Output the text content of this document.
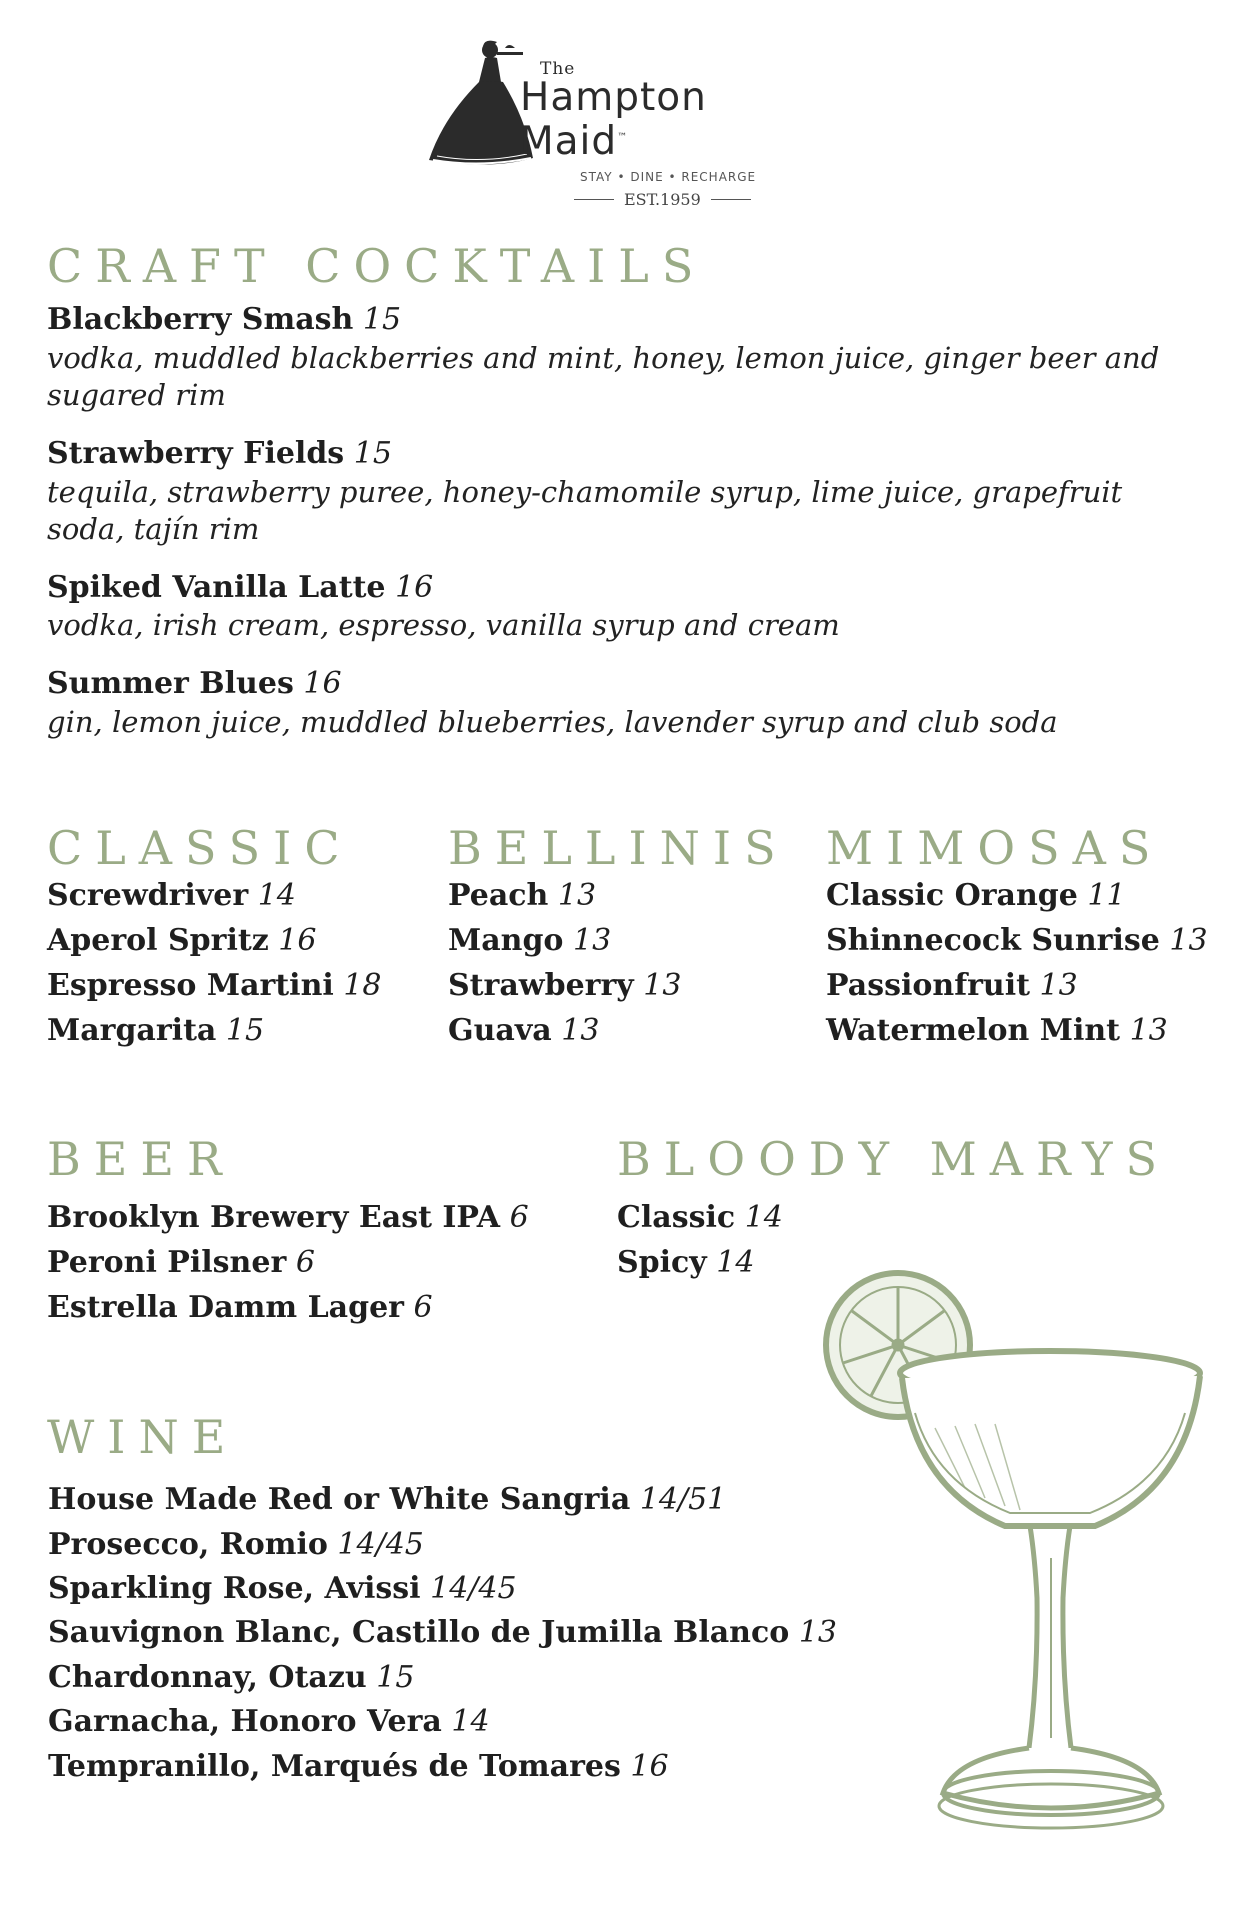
The
Hampton Maid™
STAY • DINE • RECHARGE
EST.1959
CRAFT COCKTAILS
Blackberry Smash 15
vodka, muddled blackberries and mint, honey, lemon juice, ginger beer and sugared rim
Strawberry Fields 15
tequila, strawberry puree, honey-chamomile syrup, lime juice, grapefruit soda, tajín rim
Spiked Vanilla Latte 16
vodka, irish cream, espresso, vanilla syrup and cream
Summer Blues 16
gin, lemon juice, muddled blueberries, lavender syrup and club soda
CLASSIC
Screwdriver 14
Aperol Spritz 16
Espresso Martini 18
Margarita 15
BELLINIS
Peach 13
Mango 13
Strawberry 13
Guava 13
MIMOSAS
Classic Orange 11
Shinnecock Sunrise 13
Passionfruit 13
Watermelon Mint 13
BEER
Brooklyn Brewery East IPA 6
Peroni Pilsner 6
Estrella Damm Lager 6
BLOODY MARYS
Classic 14
Spicy 14
WINE
House Made Red or White Sangria 14/51
Prosecco, Romio 14/45
Sparkling Rose, Avissi 14/45
Sauvignon Blanc, Castillo de Jumilla Blanco 13
Chardonnay, Otazu 15
Garnacha, Honoro Vera 14
Tempranillo, Marqués de Tomares 16
